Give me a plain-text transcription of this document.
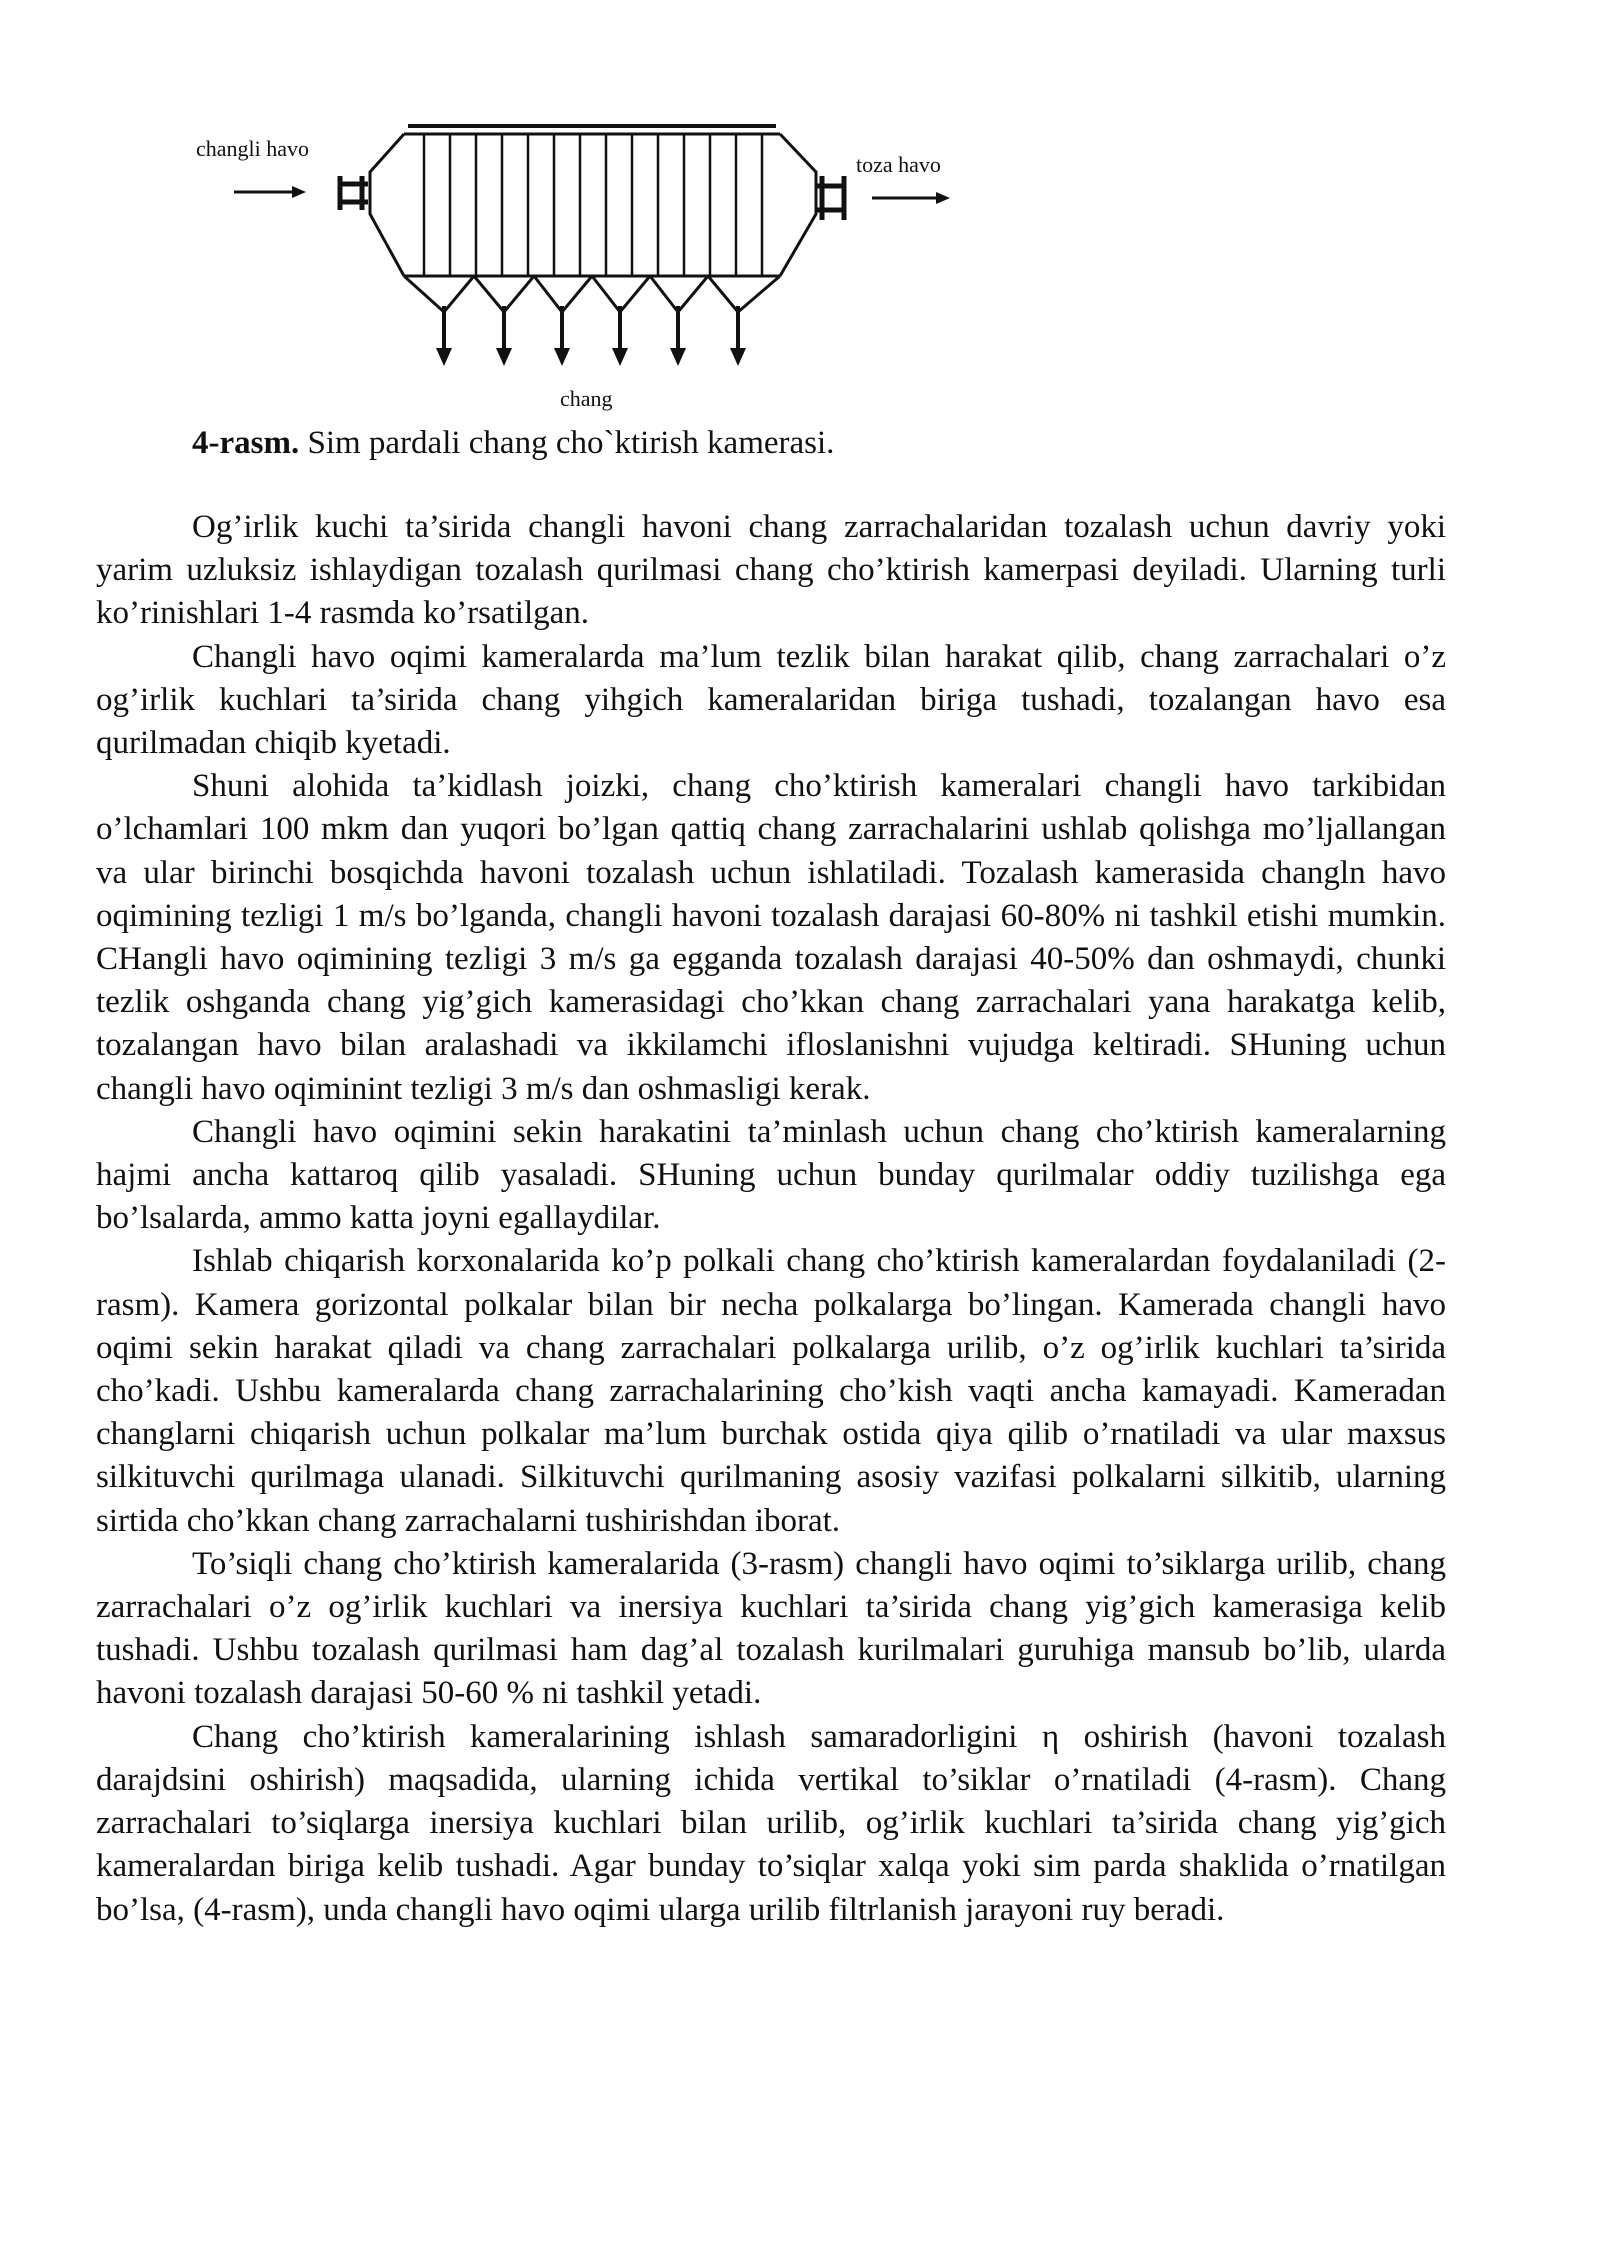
changli havo
toza havo
chang
4-rasm. Sim pardali chang cho`ktirish kamerasi.

Og’irlik kuchi ta’sirida changli havoni chang zarrachalaridan tozalash uchun davriy yoki yarim uzluksiz ishlaydigan tozalash qurilmasi chang cho’ktirish kamerpasi deyiladi. Ularning turli ko’rinishlari 1-4 rasmda ko’rsatilgan.

Changli havo oqimi kameralarda ma’lum tezlik bilan harakat qilib, chang zarrachalari o’z og’irlik kuchlari ta’sirida chang yihgich kameralaridan biriga tushadi, tozalangan havo esa qurilmadan chiqib kyetadi.

Shuni alohida ta’kidlash joizki, chang cho’ktirish kameralari changli havo tarkibidan o’lchamlari 100 mkm dan yuqori bo’lgan qattiq chang zarrachalarini ushlab qolishga mo’ljallangan va ular birinchi bosqichda havoni tozalash uchun ishlatiladi. Tozalash kamerasida changln havo oqimining tezligi 1 m/s bo’lganda, changli havoni tozalash darajasi 60-80% ni tashkil etishi mumkin. CHangli havo oqimining tezligi 3 m/s ga egganda tozalash darajasi 40-50% dan oshmaydi, chunki tezlik oshganda chang yig’gich kamerasidagi cho’kkan chang zarrachalari yana harakatga kelib, tozalangan havo bilan aralashadi va ikkilamchi ifloslanishni vujudga keltiradi. SHuning uchun changli havo oqiminint tezligi 3 m/s dan oshmasligi kerak.

Changli havo oqimini sekin harakatini ta’minlash uchun chang cho’ktirish kameralarning hajmi ancha kattaroq qilib yasaladi. SHuning uchun bunday qurilmalar oddiy tuzilishga ega bo’lsalarda, ammo katta joyni egallaydilar.

Ishlab chiqarish korxonalarida ko’p polkali chang cho’ktirish kameralardan foydalaniladi (2-rasm). Kamera gorizontal polkalar bilan bir necha polkalarga bo’lingan. Kamerada changli havo oqimi sekin harakat qiladi va chang zarrachalari polkalarga urilib, o’z og’irlik kuchlari ta’sirida cho’kadi. Ushbu kameralarda chang zarrachalarining cho’kish vaqti ancha kamayadi. Kameradan changlarni chiqarish uchun polkalar ma’lum burchak ostida qiya qilib o’rnatiladi va ular maxsus silkituvchi qurilmaga ulanadi. Silkituvchi qurilmaning asosiy vazifasi polkalarni silkitib, ularning sirtida cho’kkan chang zarrachalarni tushirishdan iborat.

To’siqli chang cho’ktirish kameralarida (3-rasm) changli havo oqimi to’siklarga urilib, chang zarrachalari o’z og’irlik kuchlari va inersiya kuchlari ta’sirida chang yig’gich kamerasiga kelib tushadi. Ushbu tozalash qurilmasi ham dag’al tozalash kurilmalari guruhiga mansub bo’lib, ularda havoni tozalash darajasi 50-60 % ni tashkil yetadi.

Chang cho’ktirish kameralarining ishlash samaradorligini η oshirish (havoni tozalash darajdsini oshirish) maqsadida, ularning ichida vertikal to’siklar o’rnatiladi (4-rasm). Chang zarrachalari to’siqlarga inersiya kuchlari bilan urilib, og’irlik kuchlari ta’sirida chang yig’gich kameralardan biriga kelib tushadi. Agar bunday to’siqlar xalqa yoki sim parda shaklida o’rnatilgan bo’lsa, (4-rasm), unda changli havo oqimi ularga urilib filtrlanish jarayoni ruy beradi.
